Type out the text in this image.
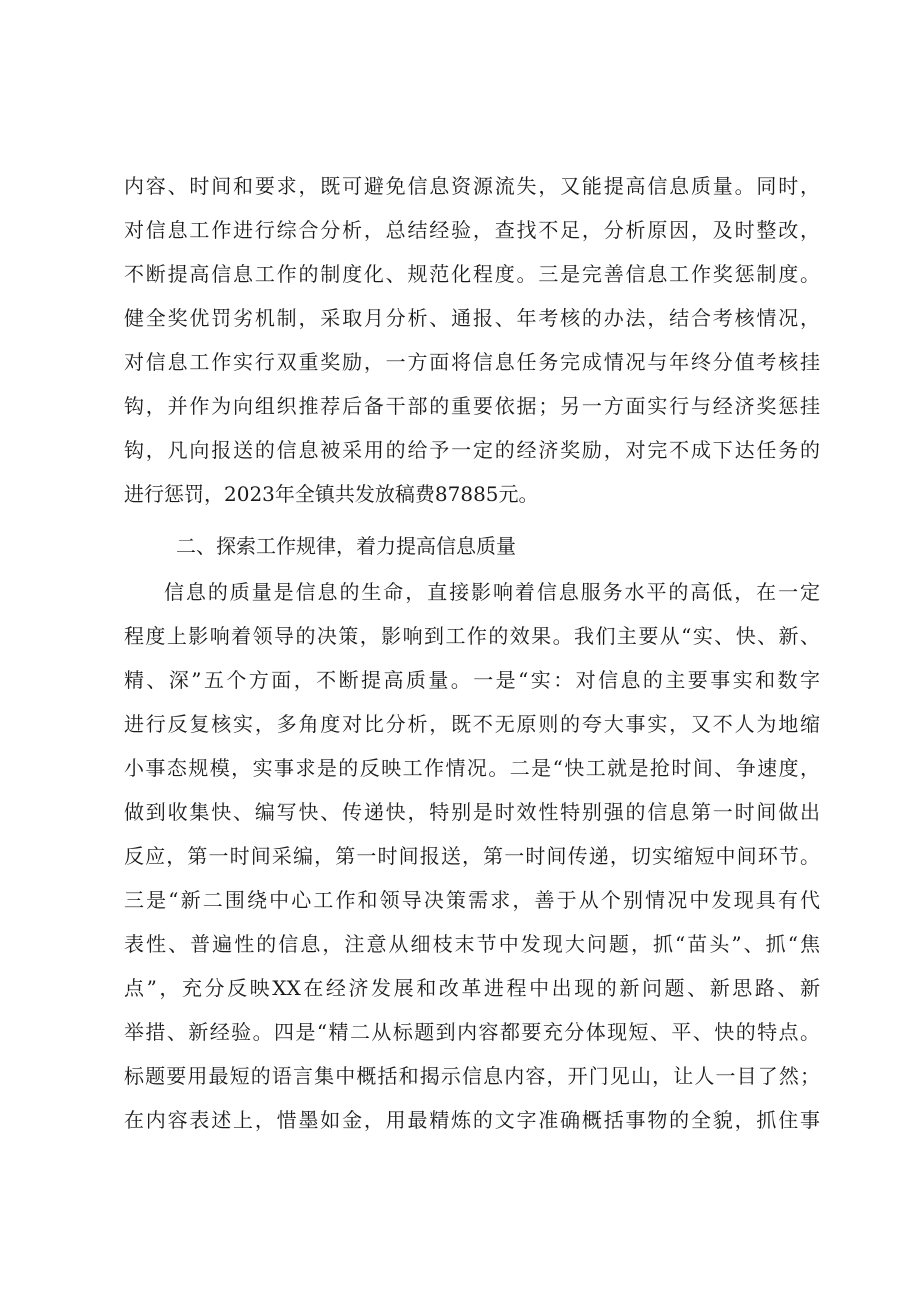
内容、时间和要求，既可避免信息资源流失，又能提高信息质量。同时，
对信息工作进行综合分析，总结经验，查找不足，分析原因，及时整改，
不断提高信息工作的制度化、规范化程度。三是完善信息工作奖惩制度。
健全奖优罚劣机制，采取月分析、通报、年考核的办法，结合考核情况，
对信息工作实行双重奖励，一方面将信息任务完成情况与年终分值考核挂
钩，并作为向组织推荐后备干部的重要依据；另一方面实行与经济奖惩挂
钩，凡向报送的信息被采用的给予一定的经济奖励，对完不成下达任务的
进行惩罚，2023年全镇共发放稿费87885元。
二、探索工作规律，着力提高信息质量
信息的质量是信息的生命，直接影响着信息服务水平的高低，在一定
程度上影响着领导的决策，影响到工作的效果。我们主要从“实、快、新、
精、深”五个方面，不断提高质量。一是“实：对信息的主要事实和数字
进行反复核实，多角度对比分析，既不无原则的夸大事实，又不人为地缩
小事态规模，实事求是的反映工作情况。二是“快工就是抢时间、争速度，
做到收集快、编写快、传递快，特别是时效性特别强的信息第一时间做出
反应，第一时间采编，第一时间报送，第一时间传递，切实缩短中间环节。
三是“新二围绕中心工作和领导决策需求，善于从个别情况中发现具有代
表性、普遍性的信息，注意从细枝末节中发现大问题，抓“苗头”、抓“焦
点”，充分反映XX在经济发展和改革进程中出现的新问题、新思路、新
举措、新经验。四是“精二从标题到内容都要充分体现短、平、快的特点。
标题要用最短的语言集中概括和揭示信息内容，开门见山，让人一目了然；
在内容表述上，惜墨如金，用最精炼的文字准确概括事物的全貌，抓住事
